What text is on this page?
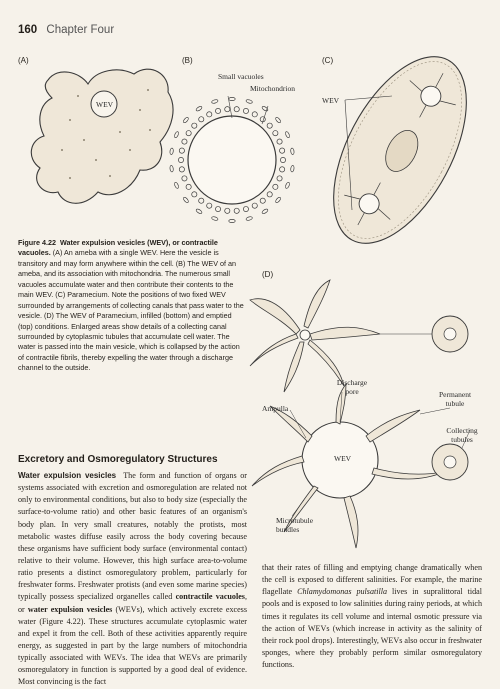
160 Chapter Four
(A)	(B)	(C)
(D)
WEV
Small vacuoles
Mitochondrion
WEV
Ampulla
Discharge pore	Permanent tubule
Collecting tubules
WEV
Microtubule bundles
Figure 4.22 Water expulsion vesicles (WEV), or contractile vacuoles. (A) An ameba with a single WEV. Here the vesicle is transitory and may form anywhere within the cell. (B) The WEV of an ameba, and its association with mitochondria. The numerous small vacuoles accumulate water and then contribute their contents to the main WEV. (C) Paramecium. Note the positions of two fixed WEV surrounded by arrangements of collecting canals that pass water to the vesicle. (D) The WEV of Paramecium, infilled (bottom) and emptied (top) conditions. Enlarged areas show details of a collecting canal surrounded by cytoplasmic tubules that accumulate cell water. The water is passed into the main vesicle, which is collapsed by the action of contractile fibrils, thereby expelling the water through a discharge channel to the outside.
Excretory and Osmoregulatory Structures

Water expulsion vesicles The form and function of organs or systems associated with excretion and osmoregulation are related not only to environmental conditions, but also to body size (especially the surface-to-volume ratio) and other basic features of an organism's body plan. In very small creatures, notably the protists, most metabolic wastes diffuse easily across the body covering because these organisms have sufficient body surface (environmental contact) relative to their volume. However, this high surface area-to-volume ratio presents a distinct osmoregulatory problem, particularly for freshwater forms. Freshwater protists (and even some marine species) typically possess specialized organelles called contractile vacuoles, or water expulsion vesicles (WEVs), which actively excrete excess water (Figure 4.22). These structures accumulate cytoplasmic water and expel it from the cell. Both of these activities apparently require energy, as suggested in part by the large numbers of mitochondria typically associated with WEVs. The idea that WEVs are primarily osmoregulatory in function is supported by a good deal of evidence. Most convincing is the fact

that their rates of filling and emptying change dramatically when the cell is exposed to different salinities. For example, the marine flagellate Chlamydomonas pulsatilla lives in supralittoral tidal pools and is exposed to low salinities during rainy periods, at which times it regulates its cell volume and internal osmotic pressure via the action of WEVs (which increase in activity as the salinity of their rock pool drops). Interestingly, WEVs also occur in freshwater sponges, where they probably perform similar osmoregulatory functions.
